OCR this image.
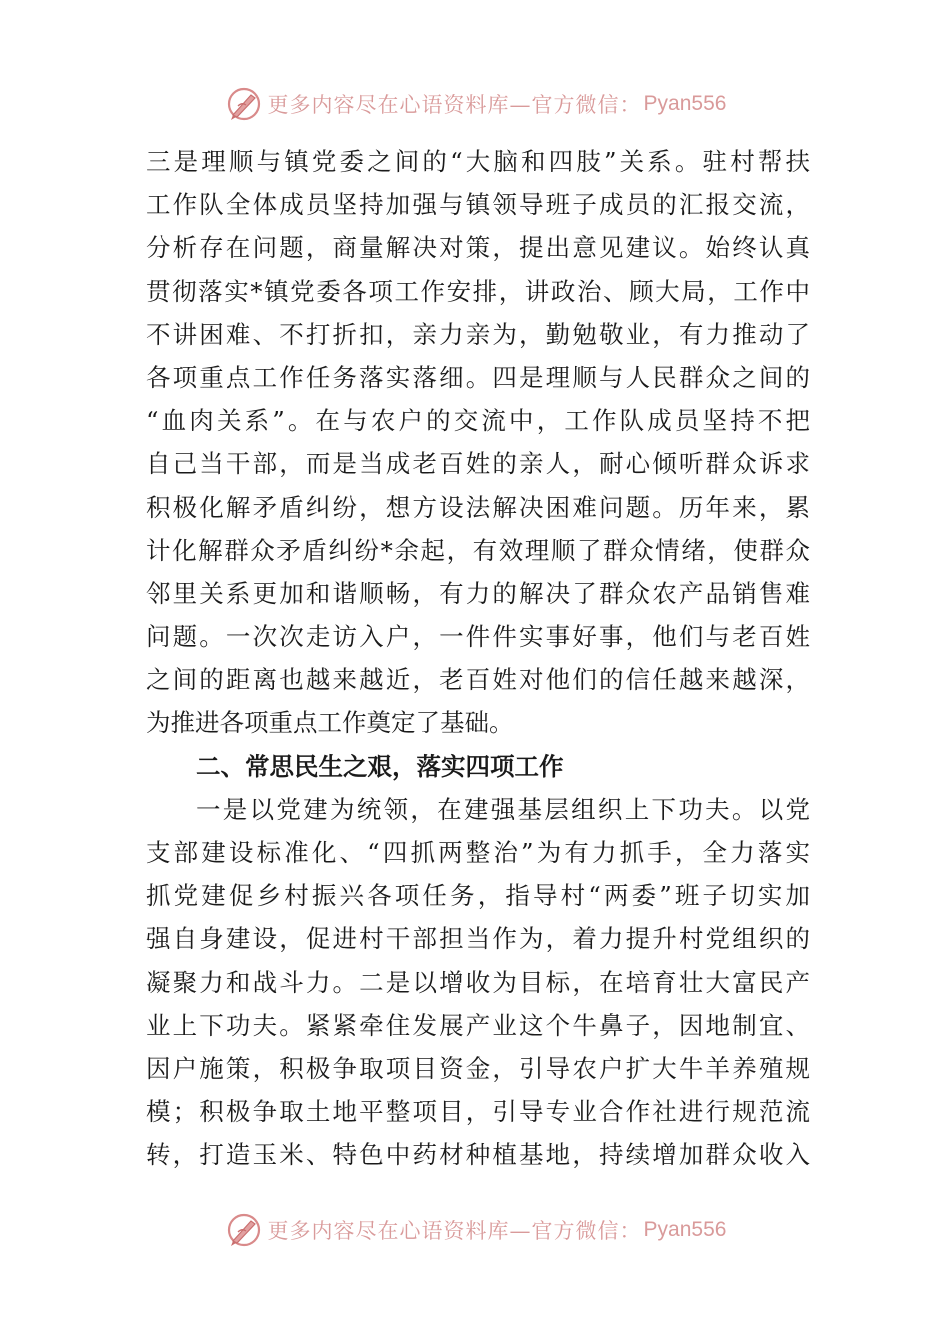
更多内容尽在心语资料库—官方微信： Pyan556
三是理顺与镇党委之间的“大脑和四肢”关系。驻村帮扶
工作队全体成员坚持加强与镇领导班子成员的汇报交流，
分析存在问题，商量解决对策，提出意见建议。始终认真
贯彻落实*镇党委各项工作安排，讲政治、顾大局，工作中
不讲困难、不打折扣，亲力亲为，勤勉敬业，有力推动了
各项重点工作任务落实落细。四是理顺与人民群众之间的
“血肉关系”。在与农户的交流中，工作队成员坚持不把
自己当干部，而是当成老百姓的亲人，耐心倾听群众诉求
积极化解矛盾纠纷，想方设法解决困难问题。历年来，累
计化解群众矛盾纠纷*余起，有效理顺了群众情绪，使群众
邻里关系更加和谐顺畅，有力的解决了群众农产品销售难
问题。一次次走访入户，一件件实事好事，他们与老百姓
之间的距离也越来越近，老百姓对他们的信任越来越深，
为推进各项重点工作奠定了基础。
二、常思民生之艰，落实四项工作
一是以党建为统领，在建强基层组织上下功夫。以党
支部建设标准化、“四抓两整治”为有力抓手，全力落实
抓党建促乡村振兴各项任务，指导村“两委”班子切实加
强自身建设，促进村干部担当作为，着力提升村党组织的
凝聚力和战斗力。二是以增收为目标，在培育壮大富民产
业上下功夫。紧紧牵住发展产业这个牛鼻子，因地制宜、
因户施策，积极争取项目资金，引导农户扩大牛羊养殖规
模；积极争取土地平整项目，引导专业合作社进行规范流
转，打造玉米、特色中药材种植基地，持续增加群众收入
更多内容尽在心语资料库—官方微信： Pyan556
